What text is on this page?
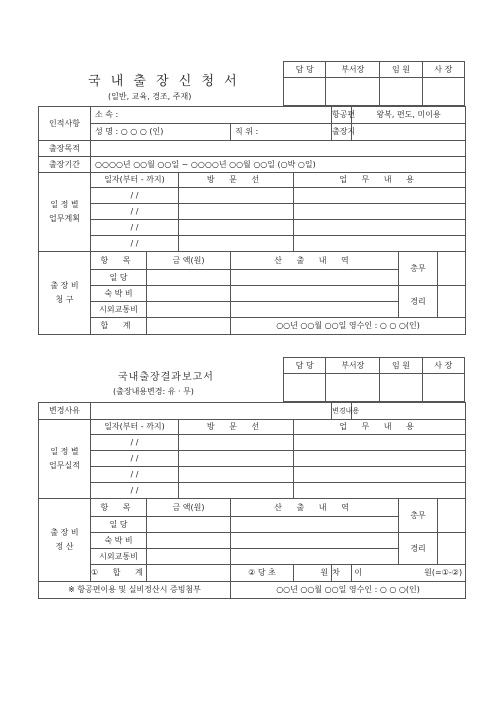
국 내 출 장 신 청 서
(일반, 교육, 경조, 주재)
담 당	부서장	임 원	사 장

인적사항	소 속 :					항공편	왕복, 편도, 미이용		
	성 명 : ○ ○ ○ (인)			직 위 :		출장지			
출장목적									
출장기간	○○○○년 ○○월 ○○일 ~ ○○○○년 ○○월 ○○일 (○박 ○일)								

일 정 별
업무계획	일자(부터 - 까지)		방 문 선		업 무 내 용				
	/ /								
	/ /								
	/ /								
	/ /								

출 장 비
청 구	항 목	금 액(원)		산 출 내 역				총무	
	일 당								
	숙 박 비							경리	
	시외교통비								
	합 계			○○년 ○○월 ○○일 영수인 : ○ ○ ○(인)					
국내출장결과보고서
(출장내용변경: 유 · 무)
담 당	부서장	임 원	사 장

변경사유						변경내용			

일 정 별
업무실적	일자(부터 - 까지)		방 문 선		업 무 내 용				
	/ /								
	/ /								
	/ /								
	/ /								

출 장 비
정 산	항 목	금 액(원)		산 출 내 역				총무	
	일 당								
	숙 박 비							경리	
	시외교통비								
	① 합 계			② 당 초	원	차 이	원(=①-②)		
※ 항공편이용 및 실비정산시 증빙첨부				○○년 ○○월 ○○일 영수인 : ○ ○ ○(인)					
